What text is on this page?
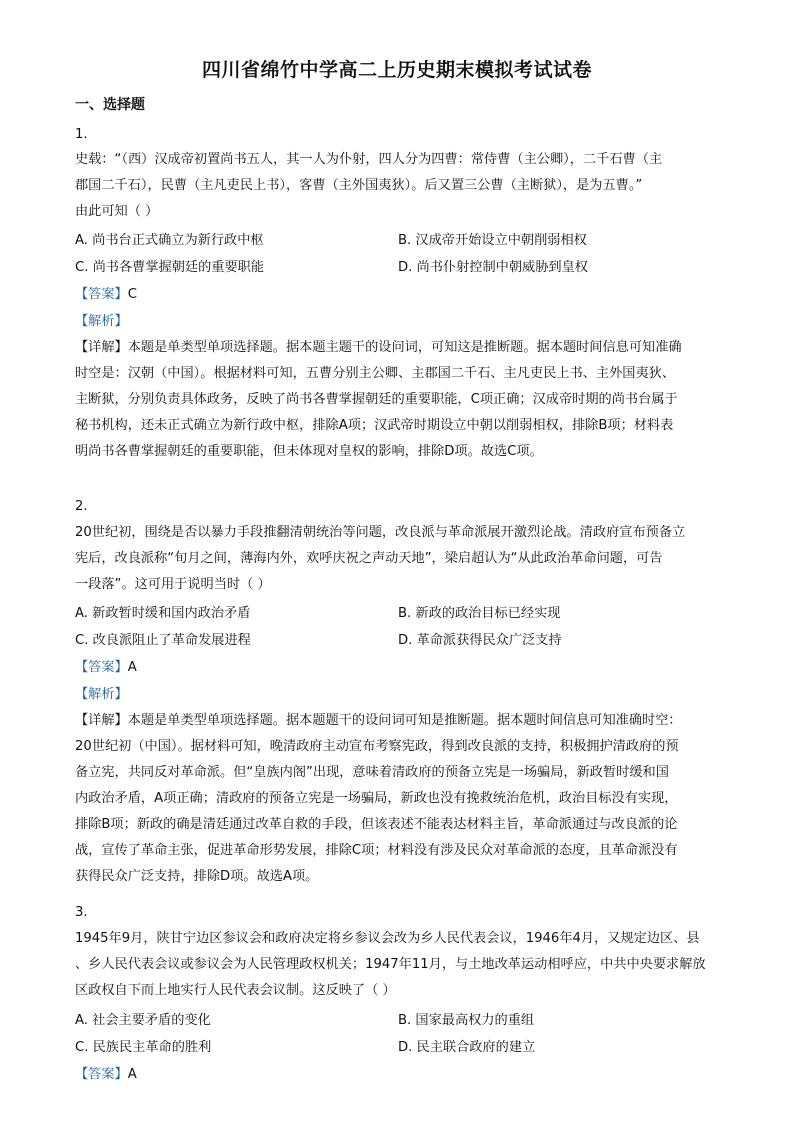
四川省绵竹中学高二上历史期末模拟考试试卷
一、选择题
1.
史载：“（西）汉成帝初置尚书五人，其一人为仆射，四人分为四曹：常侍曹（主公卿），二千石曹（主
郡国二千石），民曹（主凡吏民上书），客曹（主外国夷狄）。后又置三公曹（主断狱），是为五曹。”
由此可知（ ）
A. 尚书台正式确立为新行政中枢	B. 汉成帝开始设立中朝削弱相权
C. 尚书各曹掌握朝廷的重要职能	D. 尚书仆射控制中朝威胁到皇权
【答案】C
【解析】
【详解】本题是单类型单项选择题。据本题主题干的设问词，可知这是推断题。据本题时间信息可知准确
时空是：汉朝（中国）。根据材料可知，五曹分别主公卿、主郡国二千石、主凡吏民上书、主外国夷狄、
主断狱，分别负责具体政务，反映了尚书各曹掌握朝廷的重要职能，C项正确；汉成帝时期的尚书台属于
秘书机构，还未正式确立为新行政中枢，排除A项；汉武帝时期设立中朝以削弱相权，排除B项；材料表
明尚书各曹掌握朝廷的重要职能，但未体现对皇权的影响，排除D项。故选C项。
2.
20世纪初，围绕是否以暴力手段推翻清朝统治等问题，改良派与革命派展开激烈论战。清政府宣布预备立
宪后，改良派称“旬月之间，薄海内外，欢呼庆祝之声动天地”，梁启超认为“从此政治革命问题，可告
一段落”。这可用于说明当时（ ）
A. 新政暂时缓和国内政治矛盾	B. 新政的政治目标已经实现
C. 改良派阻止了革命发展进程	D. 革命派获得民众广泛支持
【答案】A
【解析】
【详解】本题是单类型单项选择题。据本题题干的设问词可知是推断题。据本题时间信息可知准确时空：
20世纪初（中国）。据材料可知，晚清政府主动宣布考察宪政，得到改良派的支持，积极拥护清政府的预
备立宪，共同反对革命派。但“皇族内阁”出现，意味着清政府的预备立宪是一场骗局，新政暂时缓和国
内政治矛盾，A项正确；清政府的预备立宪是一场骗局，新政也没有挽救统治危机，政治目标没有实现，
排除B项；新政的确是清廷通过改革自救的手段，但该表述不能表达材料主旨，革命派通过与改良派的论
战，宣传了革命主张，促进革命形势发展，排除C项；材料没有涉及民众对革命派的态度，且革命派没有
获得民众广泛支持，排除D项。故选A项。
3.
1945年9月，陕甘宁边区参议会和政府决定将乡参议会改为乡人民代表会议，1946年4月，又规定边区、县
、乡人民代表会议或参议会为人民管理政权机关；1947年11月，与土地改革运动相呼应，中共中央要求解放
区政权自下而上地实行人民代表会议制。这反映了（ ）
A. 社会主要矛盾的变化	B. 国家最高权力的重组
C. 民族民主革命的胜利	D. 民主联合政府的建立
【答案】A
